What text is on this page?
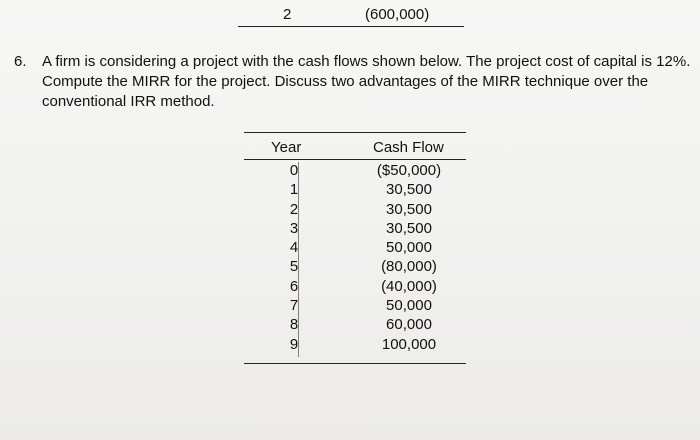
2	(600,000)
6. A firm is considering a project with the cash flows shown below. The project cost of capital is 12%. Compute the MIRR for the project. Discuss two advantages of the MIRR technique over the conventional IRR method.
Year	Cash Flow
0	($50,000)
1	30,500
2	30,500
3	30,500
4	50,000
5	(80,000)
6	(40,000)
7	50,000
8	60,000
9	100,000
